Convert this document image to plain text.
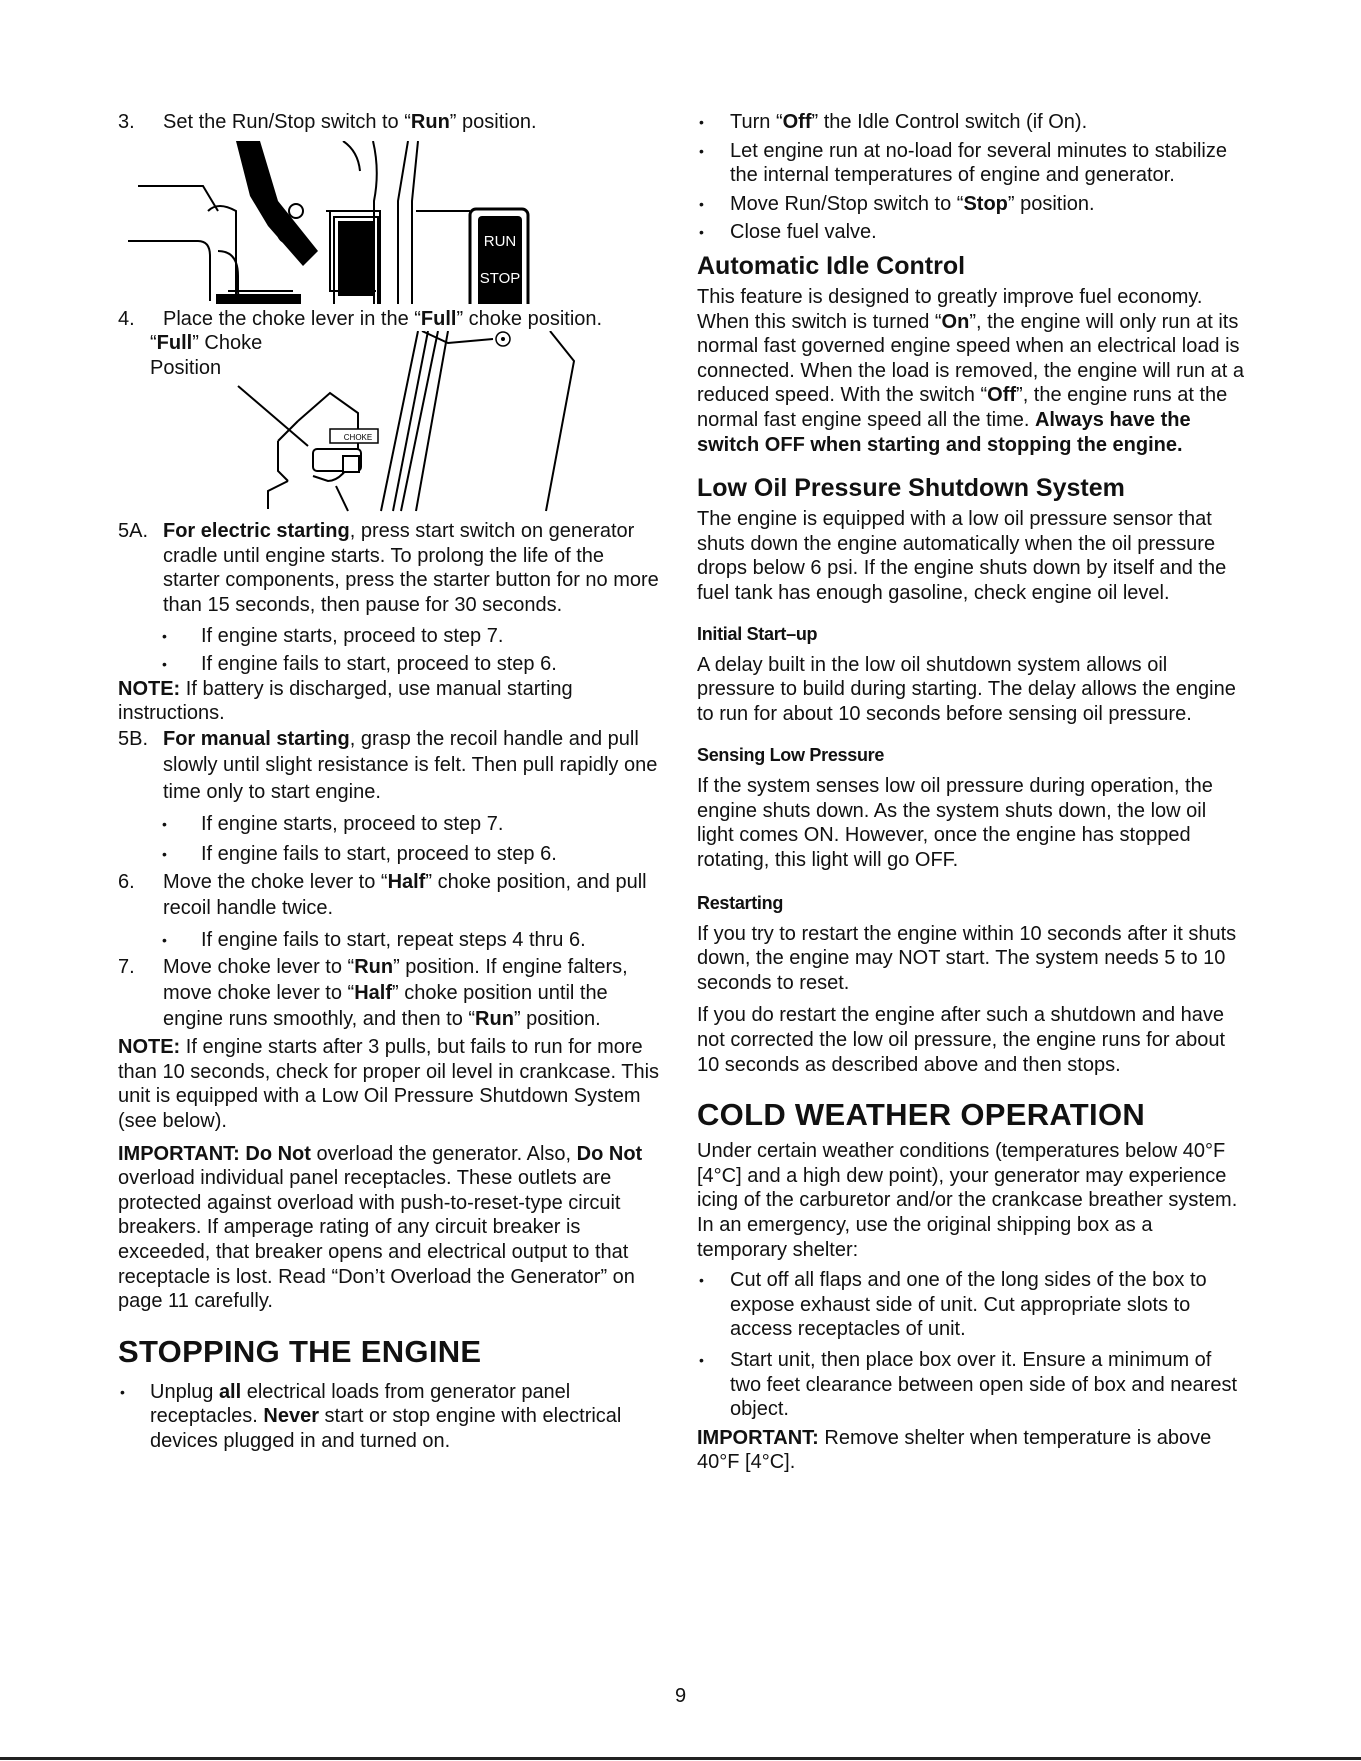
3. Set the Run/Stop switch to “Run” position.

RUN
STOP

4. Place the choke lever in the “Full” choke position.

“Full” Choke
Position
CHOKE

5A. For electric starting, press start switch on generator cradle until engine starts. To prolong the life of the starter components, press the starter button for no more than 15 seconds, then pause for 30 seconds.

• If engine starts, proceed to step 7.

• If engine fails to start, proceed to step 6.

NOTE: If battery is discharged, use manual starting instructions.

5B. For manual starting, grasp the recoil handle and pull slowly until slight resistance is felt. Then pull rapidly one time only to start engine.

• If engine starts, proceed to step 7.

• If engine fails to start, proceed to step 6.

6. Move the choke lever to “Half” choke position, and pull recoil handle twice.

• If engine fails to start, repeat steps 4 thru 6.

7. Move choke lever to “Run” position. If engine falters, move choke lever to “Half” choke position until the engine runs smoothly, and then to “Run” position.

NOTE: If engine starts after 3 pulls, but fails to run for more than 10 seconds, check for proper oil level in crankcase. This unit is equipped with a Low Oil Pressure Shutdown System (see below).

IMPORTANT: Do Not overload the generator. Also, Do Not overload individual panel receptacles. These outlets are protected against overload with push-to-reset-type circuit breakers. If amperage rating of any circuit breaker is exceeded, that breaker opens and electrical output to that receptacle is lost. Read “Don’t Overload the Generator” on page 11 carefully.

STOPPING THE ENGINE

• Unplug all electrical loads from generator panel receptacles. Never start or stop engine with electrical devices plugged in and turned on.

• Turn “Off” the Idle Control switch (if On).

• Let engine run at no-load for several minutes to stabilize the internal temperatures of engine and generator.

• Move Run/Stop switch to “Stop” position.

• Close fuel valve.

Automatic Idle Control

This feature is designed to greatly improve fuel economy. When this switch is turned “On”, the engine will only run at its normal fast governed engine speed when an electrical load is connected. When the load is removed, the engine will run at a reduced speed. With the switch “Off”, the engine runs at the normal fast engine speed all the time. Always have the switch OFF when starting and stopping the engine.

Low Oil Pressure Shutdown System

The engine is equipped with a low oil pressure sensor that shuts down the engine automatically when the oil pressure drops below 6 psi. If the engine shuts down by itself and the fuel tank has enough gasoline, check engine oil level.

Initial Start–up

A delay built in the low oil shutdown system allows oil pressure to build during starting. The delay allows the engine to run for about 10 seconds before sensing oil pressure.

Sensing Low Pressure

If the system senses low oil pressure during operation, the engine shuts down. As the system shuts down, the low oil light comes ON. However, once the engine has stopped rotating, this light will go OFF.

Restarting

If you try to restart the engine within 10 seconds after it shuts down, the engine may NOT start. The system needs 5 to 10 seconds to reset.

If you do restart the engine after such a shutdown and have not corrected the low oil pressure, the engine runs for about 10 seconds as described above and then stops.

COLD WEATHER OPERATION

Under certain weather conditions (temperatures below 40°F [4°C] and a high dew point), your generator may experience icing of the carburetor and/or the crankcase breather system. In an emergency, use the original shipping box as a temporary shelter:

• Cut off all flaps and one of the long sides of the box to expose exhaust side of unit. Cut appropriate slots to access receptacles of unit.

• Start unit, then place box over it. Ensure a minimum of two feet clearance between open side of box and nearest object.

IMPORTANT: Remove shelter when temperature is above 40°F [4°C].

9
